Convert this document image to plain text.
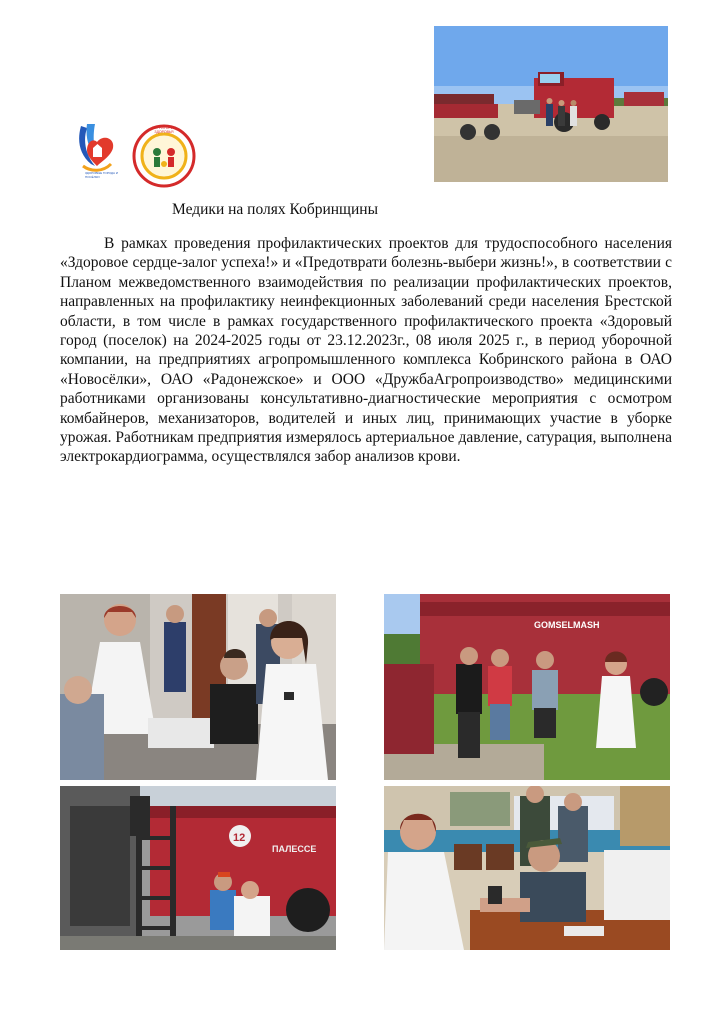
ЗДОРОВЫЕ ГОРОДА И ПОСЁЛКИ
ТЕРРИТОРИЯ ЗДОРОВЬЯ
Медики на полях Кобринщины
В рамках проведения профилактических проектов для трудоспособного населения «Здоровое сердце-залог успеха!» и «Предотврати болезнь-выбери жизнь!», в соответствии с Планом межведомственного взаимодействия по реализации профилактических проектов, направленных на профилактику неинфекционных заболеваний среди населения Брестской области, в том числе в рамках государственного профилактического проекта «Здоровый город (поселок) на 2024-2025 годы от 23.12.2023г., 08 июля 2025 г., в период уборочной компании, на предприятиях агропромышленного комплекса Кобринского района в ОАО «Новосёлки», ОАО «Радонежское» и ООО «ДружбаАгропроизводство» медицинскими работниками организованы консультативно-диагностические мероприятия с осмотром комбайнеров, механизаторов, водителей и иных лиц, принимающих участие в уборке урожая. Работникам предприятия измерялось артериальное давление, сатурация, выполнена электрокардиограмма, осуществлялся забор анализов крови.
GOMSELMASH
12
ПАЛЕССЕ
